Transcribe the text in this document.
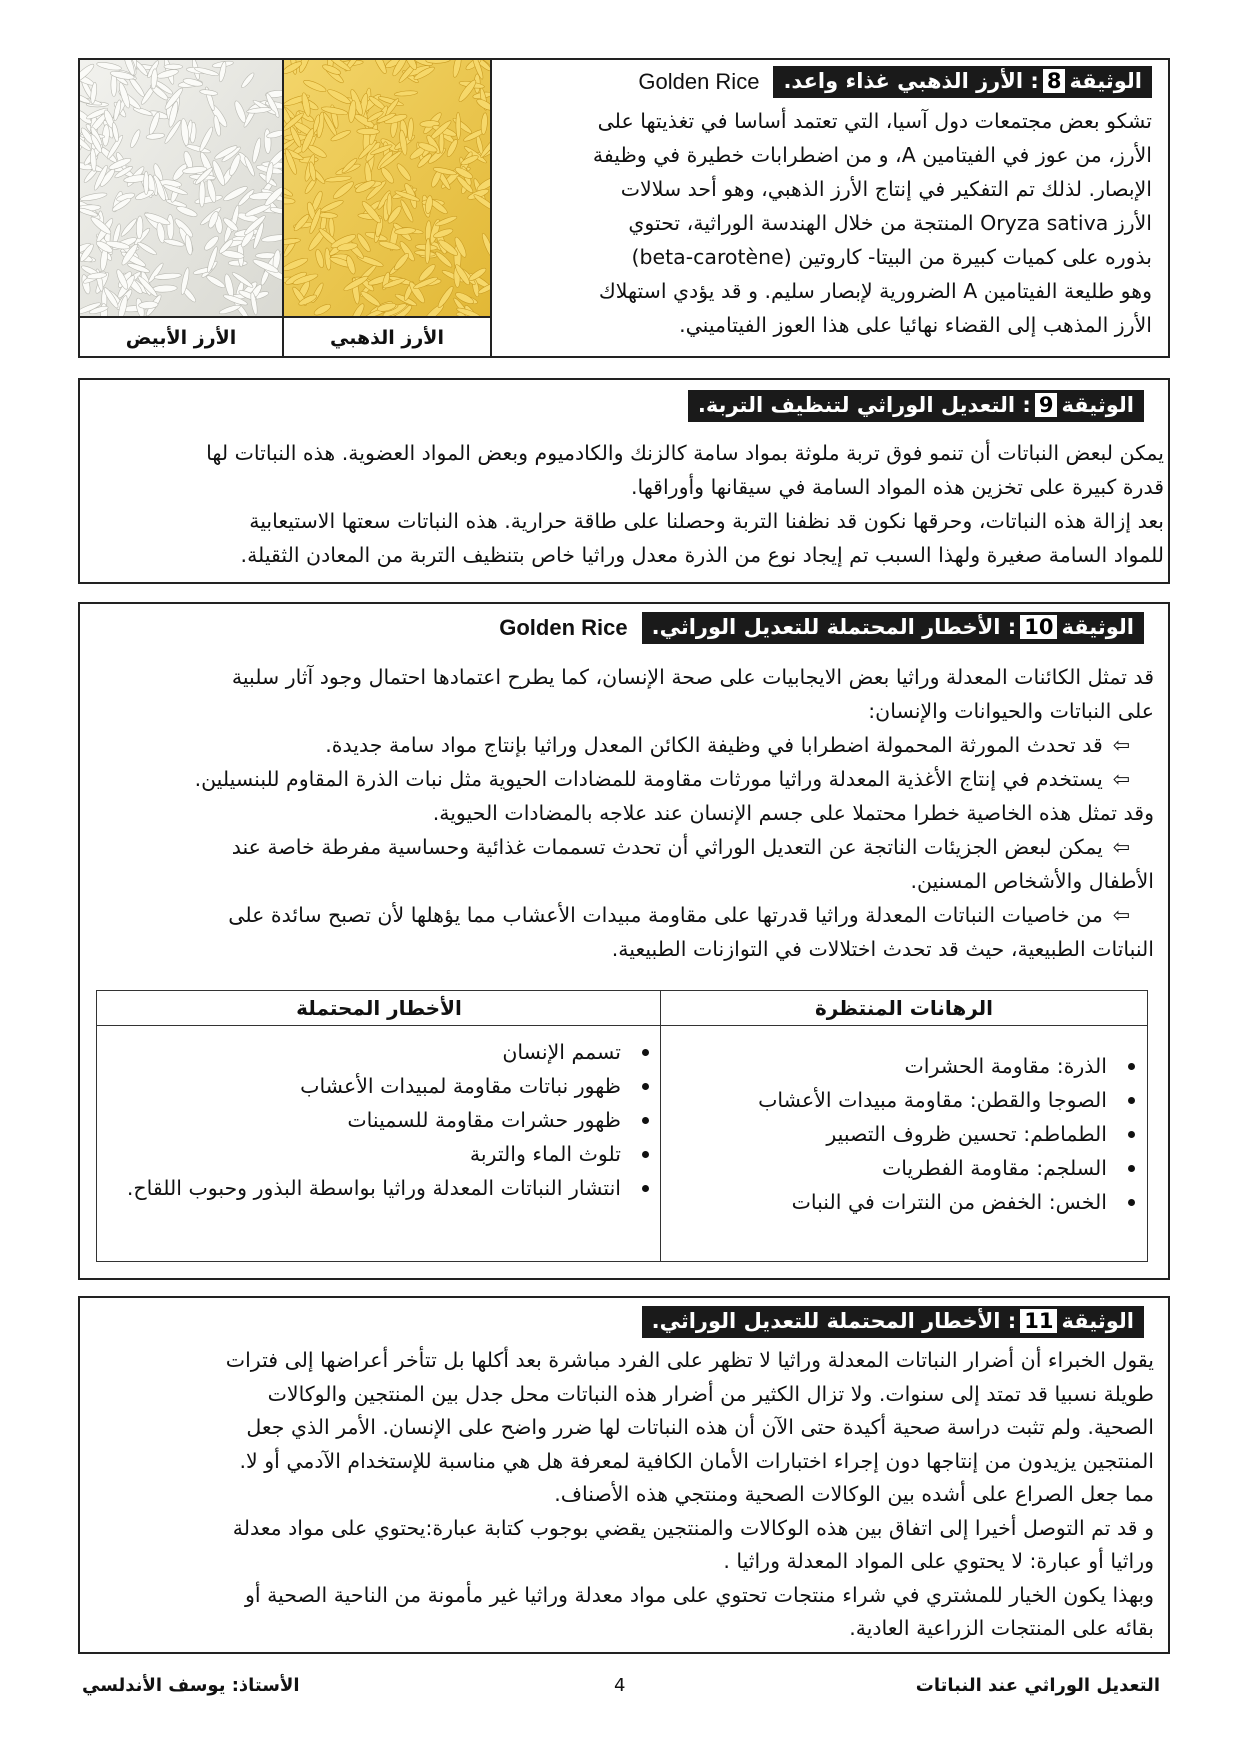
الأرز الأبيض	الأرز الذهبي
الوثيقة8: الأرز الذهبي غذاء واعد.
Golden Rice

تشكو بعض مجتمعات دول آسيا، التي تعتمد أساسا في تغذيتها على

الأرز، من عوز في الفيتامين A، و من اضطرابات خطيرة في وظيفة

الإبصار. لذلك تم التفكير في إنتاج الأرز الذهبي، وهو أحد سلالات

الأرز Oryza sativa المنتجة من خلال الهندسة الوراثية، تحتوي

بذوره على كميات كبيرة من البيتا- كاروتين (beta-carotène)

وهو طليعة الفيتامين A الضرورية لإبصار سليم. و قد يؤدي استهلاك

الأرز المذهب إلى القضاء نهائيا على هذا العوز الفيتاميني.

الوثيقة9: التعديل الوراثي لتنظيف التربة.

يمكن لبعض النباتات أن تنمو فوق تربة ملوثة بمواد سامة كالزنك والكادميوم وبعض المواد العضوية. هذه النباتات لها

قدرة كبيرة على تخزين هذه المواد السامة في سيقانها وأوراقها.

بعد إزالة هذه النباتات، وحرقها نكون قد نظفنا التربة وحصلنا على طاقة حرارية. هذه النباتات سعتها الاستيعابية

للمواد السامة صغيرة ولهذا السبب تم إيجاد نوع من الذرة معدل وراثيا خاص بتنظيف التربة من المعادن الثقيلة.

الوثيقة10: الأخطار المحتملة للتعديل الوراثي.
Golden Rice

قد تمثل الكائنات المعدلة وراثيا بعض الايجابيات على صحة الإنسان، كما يطرح اعتمادها احتمال وجود آثار سلبية

على النباتات والحيوانات والإنسان:

⇦قد تحدث المورثة المحمولة اضطرابا في وظيفة الكائن المعدل وراثيا بإنتاج مواد سامة جديدة.

⇦يستخدم في إنتاج الأغذية المعدلة وراثيا مورثات مقاومة للمضادات الحيوية مثل نبات الذرة المقاوم للبنسيلين.

وقد تمثل هذه الخاصية خطرا محتملا على جسم الإنسان عند علاجه بالمضادات الحيوية.

⇦يمكن لبعض الجزيئات الناتجة عن التعديل الوراثي أن تحدث تسممات غذائية وحساسية مفرطة خاصة عند

الأطفال والأشخاص المسنين.

⇦من خاصيات النباتات المعدلة وراثيا قدرتها على مقاومة مبيدات الأعشاب مما يؤهلها لأن تصبح سائدة على

النباتات الطبيعية، حيث قد تحدث اختلالات في التوازنات الطبيعية.

الرهانات المنتظرة
الذرة: مقاومة الحشرات
الصوجا والقطن: مقاومة مبيدات الأعشاب
الطماطم: تحسين ظروف التصبير
السلجم: مقاومة الفطريات
الخس: الخفض من النترات في النبات
الأخطار المحتملة
تسمم الإنسان
ظهور نباتات مقاومة لمبيدات الأعشاب
ظهور حشرات مقاومة للسمينات
تلوث الماء والتربة
انتشار النباتات المعدلة وراثيا بواسطة البذور وحبوب اللقاح.
الوثيقة11: الأخطار المحتملة للتعديل الوراثي.

يقول الخبراء أن أضرار النباتات المعدلة وراثيا لا تظهر على الفرد مباشرة بعد أكلها بل تتأخر أعراضها إلى فترات

طويلة نسبيا قد تمتد إلى سنوات. ولا تزال الكثير من أضرار هذه النباتات محل جدل بين المنتجين والوكالات

الصحية. ولم تثبت دراسة صحية أكيدة حتى الآن أن هذه النباتات لها ضرر واضح على الإنسان. الأمر الذي جعل

المنتجين يزيدون من إنتاجها دون إجراء اختبارات الأمان الكافية لمعرفة هل هي مناسبة للإستخدام الآدمي أو لا.

مما جعل الصراع على أشده بين الوكالات الصحية ومنتجي هذه الأصناف.

و قد تم التوصل أخيرا إلى اتفاق بين هذه الوكالات والمنتجين يقضي بوجوب كتابة عبارة:يحتوي على مواد معدلة

وراثيا أو عبارة: لا يحتوي على المواد المعدلة وراثيا .

وبهذا يكون الخيار للمشتري في شراء منتجات تحتوي على مواد معدلة وراثيا غير مأمونة من الناحية الصحية أو

بقائه على المنتجات الزراعية العادية.

التعديل الوراثي عند النباتات
4
الأستاذ: يوسف الأندلسي
